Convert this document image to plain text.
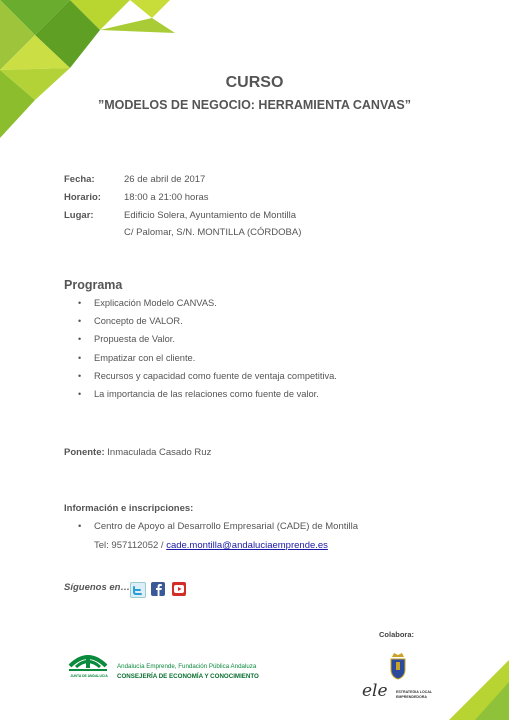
CURSO
”MODELOS DE NEGOCIO: HERRAMIENTA CANVAS”
Fecha:	26 de abril de 2017
Horario: 18:00 a 21:00 horas
Lugar:	Edificio Solera, Ayuntamiento de Montilla
C/ Palomar, S/N. MONTILLA (CÓRDOBA)
Programa
• Explicación Modelo CANVAS.
• Concepto de VALOR.
• Propuesta de Valor.
• Empatizar con el cliente.
• Recursos y capacidad como fuente de ventaja competitiva.
• La importancia de las relaciones como fuente de valor.
Ponente: Inmaculada Casado Ruz
Información e inscripciones:
• Centro de Apoyo al Desarrollo Empresarial (CADE) de Montilla
Tel: 957112052 / cade.montilla@andaluciaemprende.es
Síguenos en…
Colabora:
JUNTA DE ANDALUCIA
Andalucía Emprende, Fundación Pública Andaluza
CONSEJERÍA DE ECONOMÍA Y CONOCIMIENTO
ele ESTRATEGIA LOCAL
EMPRENDEDORA
